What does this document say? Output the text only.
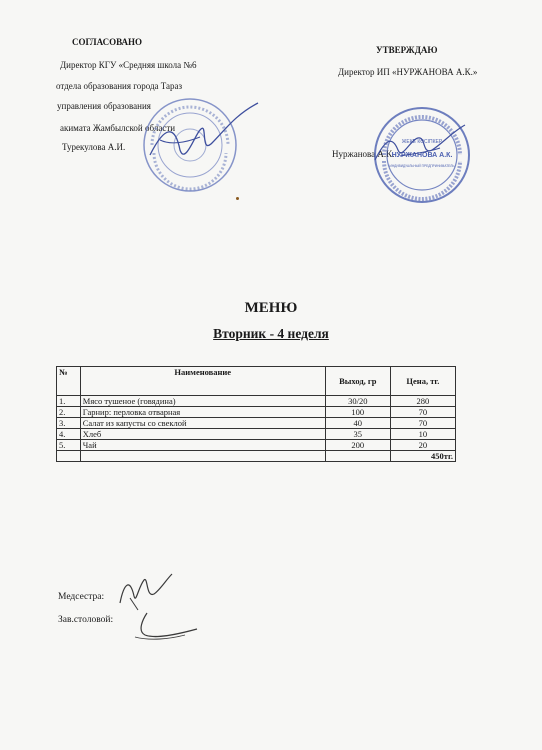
СОГЛАСОВАНО
Директор КГУ «Средняя школа №6
отдела образования города Тараз
управления образования
акимата Жамбылской области
Турекулова А.И.
УТВЕРЖДАЮ
Директор ИП «НУРЖАНОВА А.К.»
Нуржанова А.К.
ЖЕКЕ КӘСІПКЕР
НУРЖАНОВА А.К.
ИНДИВИДУАЛЬНЫЙ ПРЕДПРИНИМАТЕЛЬ
МЕНЮ
Вторник - 4 неделя
№	Наименование	Выход, гр	Цена, тг.
1.	Мясо тушеное (говядина)	30/20	280
2.	Гарнир: перловка отварная	100	70
3.	Салат из капусты со свеклой	40	70
4.	Хлеб	35	10
5.	Чай	200	20
			450тг.
Медсестра:
Зав.столовой:
